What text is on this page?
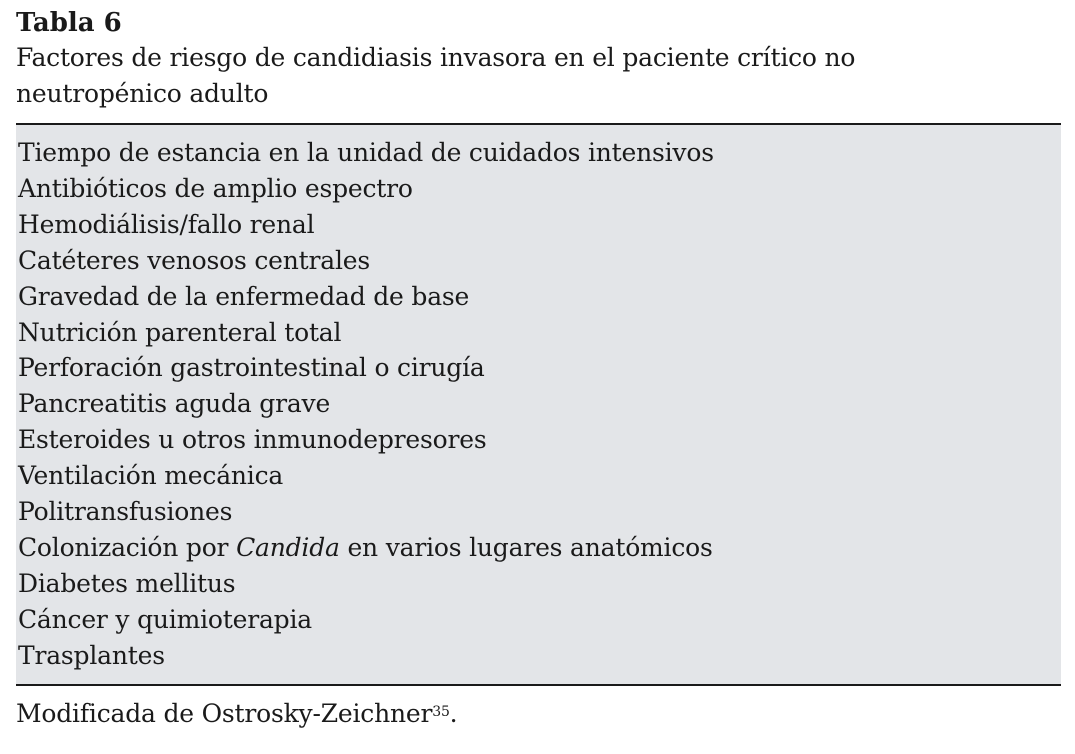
Tabla 6
Factores de riesgo de candidiasis invasora en el paciente crítico no neutropénico adulto
Tiempo de estancia en la unidad de cuidados intensivos
Antibióticos de amplio espectro
Hemodiálisis/fallo renal
Catéteres venosos centrales
Gravedad de la enfermedad de base
Nutrición parenteral total
Perforación gastrointestinal o cirugía
Pancreatitis aguda grave
Esteroides u otros inmunodepresores
Ventilación mecánica
Politransfusiones
Colonización por Candida en varios lugares anatómicos
Diabetes mellitus
Cáncer y quimioterapia
Trasplantes
Modificada de Ostrosky-Zeichner$^{35}$.
